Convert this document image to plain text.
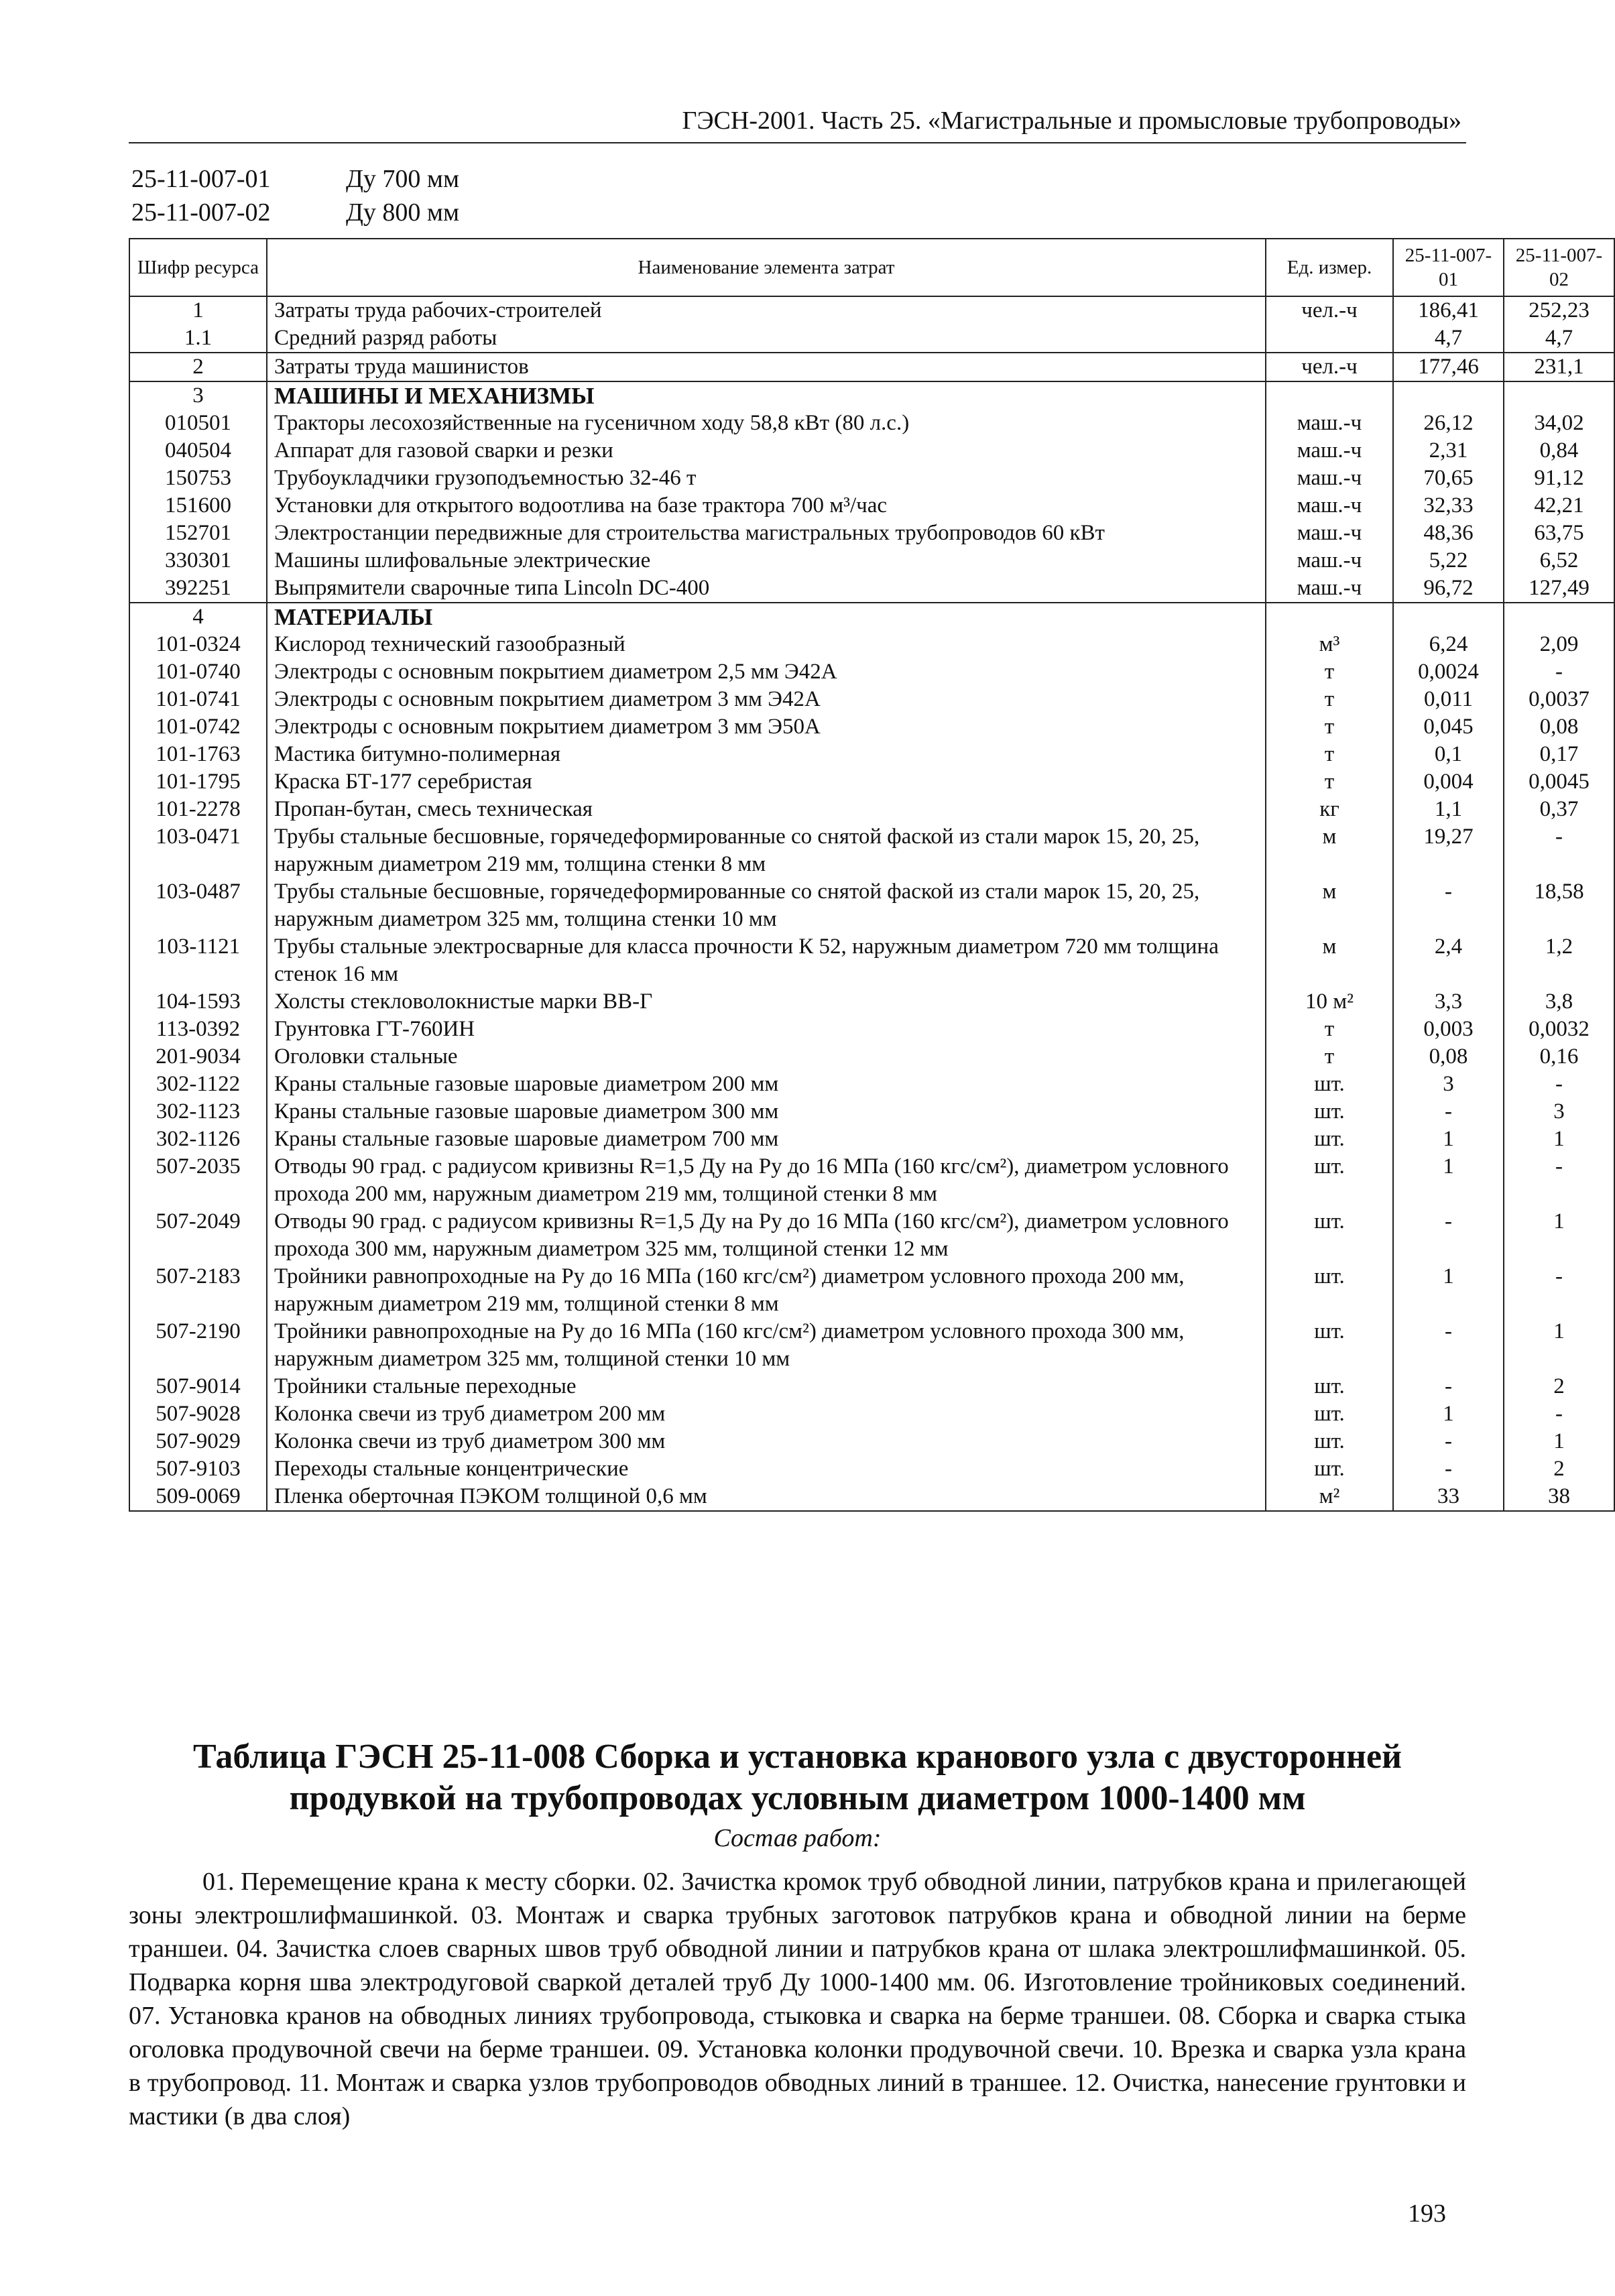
ГЭСН-2001. Часть 25. «Магистральные и промысловые трубопроводы»
25-11-007-01	Ду 700 мм
25-11-007-02	Ду 800 мм
Шифр ресурса	Наименование элемента затрат	Ед. измер.	25-11-007-01	25-11-007-02
1	Затраты труда рабочих-строителей	чел.-ч	186,41	252,23
1.1	Средний разряд работы		4,7	4,7
2	Затраты труда машинистов	чел.-ч	177,46	231,1
3	МАШИНЫ И МЕХАНИЗМЫ			
010501	Тракторы лесохозяйственные на гусеничном ходу 58,8 кВт (80 л.с.)	маш.-ч	26,12	34,02
040504	Аппарат для газовой сварки и резки	маш.-ч	2,31	0,84
150753	Трубоукладчики грузоподъемностью 32-46 т	маш.-ч	70,65	91,12
151600	Установки для открытого водоотлива на базе трактора 700 м³/час	маш.-ч	32,33	42,21
152701	Электростанции передвижные для строительства магистральных трубопроводов 60 кВт	маш.-ч	48,36	63,75
330301	Машины шлифовальные электрические	маш.-ч	5,22	6,52
392251	Выпрямители сварочные типа Lincoln DC-400	маш.-ч	96,72	127,49
4	МАТЕРИАЛЫ			
101-0324	Кислород технический газообразный	м³	6,24	2,09
101-0740	Электроды с основным покрытием диаметром 2,5 мм Э42А	т	0,0024	-
101-0741	Электроды с основным покрытием диаметром 3 мм Э42А	т	0,011	0,0037
101-0742	Электроды с основным покрытием диаметром 3 мм Э50А	т	0,045	0,08
101-1763	Мастика битумно-полимерная	т	0,1	0,17
101-1795	Краска БТ-177 серебристая	т	0,004	0,0045
101-2278	Пропан-бутан, смесь техническая	кг	1,1	0,37
103-0471	Трубы стальные бесшовные, горячедеформированные со снятой фаской из стали марок 15, 20, 25, наружным диаметром 219 мм, толщина стенки 8 мм	м	19,27	-
103-0487	Трубы стальные бесшовные, горячедеформированные со снятой фаской из стали марок 15, 20, 25, наружным диаметром 325 мм, толщина стенки 10 мм	м	-	18,58
103-1121	Трубы стальные электросварные для класса прочности К 52, наружным диаметром 720 мм толщина стенок 16 мм	м	2,4	1,2
104-1593	Холсты стекловолокнистые марки ВВ-Г	10 м²	3,3	3,8
113-0392	Грунтовка ГТ-760ИН	т	0,003	0,0032
201-9034	Оголовки стальные	т	0,08	0,16
302-1122	Краны стальные газовые шаровые диаметром 200 мм	шт.	3	-
302-1123	Краны стальные газовые шаровые диаметром 300 мм	шт.	-	3
302-1126	Краны стальные газовые шаровые диаметром 700 мм	шт.	1	1
507-2035	Отводы 90 град. с радиусом кривизны R=1,5 Ду на Ру до 16 МПа (160 кгс/см²), диаметром условного прохода 200 мм, наружным диаметром 219 мм, толщиной стенки 8 мм	шт.	1	-
507-2049	Отводы 90 град. с радиусом кривизны R=1,5 Ду на Ру до 16 МПа (160 кгс/см²), диаметром условного прохода 300 мм, наружным диаметром 325 мм, толщиной стенки 12 мм	шт.	-	1
507-2183	Тройники равнопроходные на Ру до 16 МПа (160 кгс/см²) диаметром условного прохода 200 мм, наружным диаметром 219 мм, толщиной стенки 8 мм	шт.	1	-
507-2190	Тройники равнопроходные на Ру до 16 МПа (160 кгс/см²) диаметром условного прохода 300 мм, наружным диаметром 325 мм, толщиной стенки 10 мм	шт.	-	1
507-9014	Тройники стальные переходные	шт.	-	2
507-9028	Колонка свечи из труб диаметром 200 мм	шт.	1	-
507-9029	Колонка свечи из труб диаметром 300 мм	шт.	-	1
507-9103	Переходы стальные концентрические	шт.	-	2
509-0069	Пленка оберточная ПЭКОМ толщиной 0,6 мм	м²	33	38
Таблица ГЭСН 25-11-008 Сборка и установка кранового узла с двусторонней продувкой на трубопроводах условным диаметром 1000-1400 мм
Состав работ:
01. Перемещение крана к месту сборки. 02. Зачистка кромок труб обводной линии, патрубков крана и прилегающей зоны электрошлифмашинкой. 03. Монтаж и сварка трубных заготовок патрубков крана и обводной линии на берме траншеи. 04. Зачистка слоев сварных швов труб обводной линии и патрубков крана от шлака электрошлифмашинкой. 05. Подварка корня шва электродуговой сваркой деталей труб Ду 1000-1400 мм. 06. Изготовление тройниковых соединений. 07. Установка кранов на обводных линиях трубопровода, стыковка и сварка на берме траншеи. 08. Сборка и сварка стыка оголовка продувочной свечи на берме траншеи. 09. Установка колонки продувочной свечи. 10. Врезка и сварка узла крана в трубопровод. 11. Монтаж и сварка узлов трубопроводов обводных линий в траншее. 12. Очистка, нанесение грунтовки и мастики (в два слоя)
193
